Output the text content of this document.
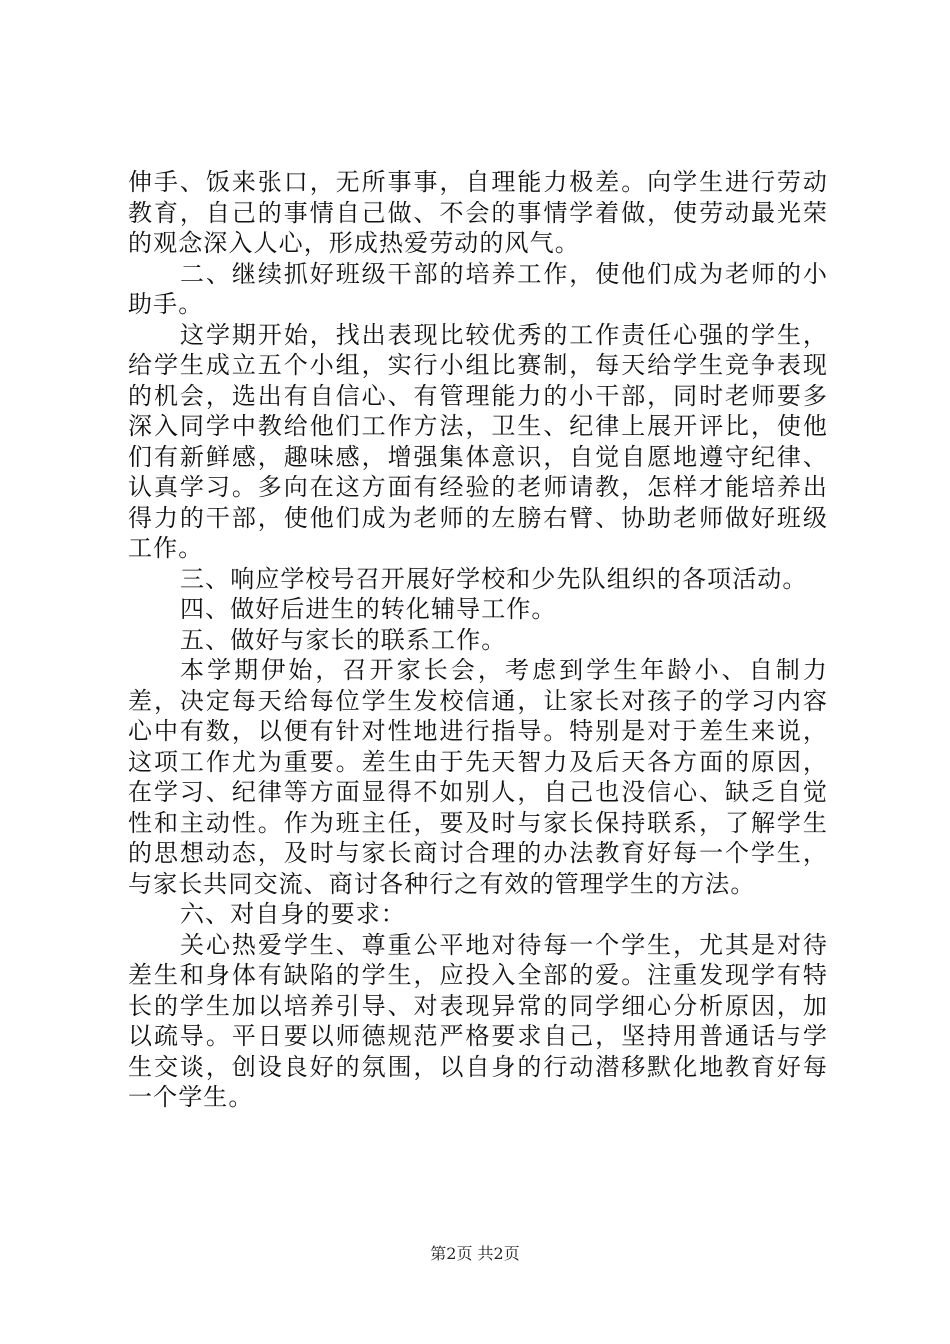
伸手、饭来张口，无所事事，自理能力极差。向学生进行劳动教育，自己的事情自己做、不会的事情学着做，使劳动最光荣的观念深入人心，形成热爱劳动的风气。

二、继续抓好班级干部的培养工作，使他们成为老师的小助手。

这学期开始，找出表现比较优秀的工作责任心强的学生，给学生成立五个小组，实行小组比赛制，每天给学生竞争表现的机会，选出有自信心、有管理能力的小干部，同时老师要多深入同学中教给他们工作方法，卫生、纪律上展开评比，使他们有新鲜感，趣味感，增强集体意识，自觉自愿地遵守纪律、认真学习。多向在这方面有经验的老师请教，怎样才能培养出得力的干部，使他们成为老师的左膀右臂、协助老师做好班级工作。

三、响应学校号召开展好学校和少先队组织的各项活动。

四、做好后进生的转化辅导工作。

五、做好与家长的联系工作。

本学期伊始，召开家长会，考虑到学生年龄小、自制力差，决定每天给每位学生发校信通，让家长对孩子的学习内容心中有数，以便有针对性地进行指导。特别是对于差生来说，这项工作尤为重要。差生由于先天智力及后天各方面的原因，在学习、纪律等方面显得不如别人，自己也没信心、缺乏自觉性和主动性。作为班主任，要及时与家长保持联系，了解学生的思想动态，及时与家长商讨合理的办法教育好每一个学生，与家长共同交流、商讨各种行之有效的管理学生的方法。

六、对自身的要求：

关心热爱学生、尊重公平地对待每一个学生，尤其是对待差生和身体有缺陷的学生，应投入全部的爱。注重发现学有特长的学生加以培养引导、对表现异常的同学细心分析原因，加以疏导。平日要以师德规范严格要求自己，坚持用普通话与学生交谈，创设良好的氛围，以自身的行动潜移默化地教育好每一个学生。

第2页 共2页
